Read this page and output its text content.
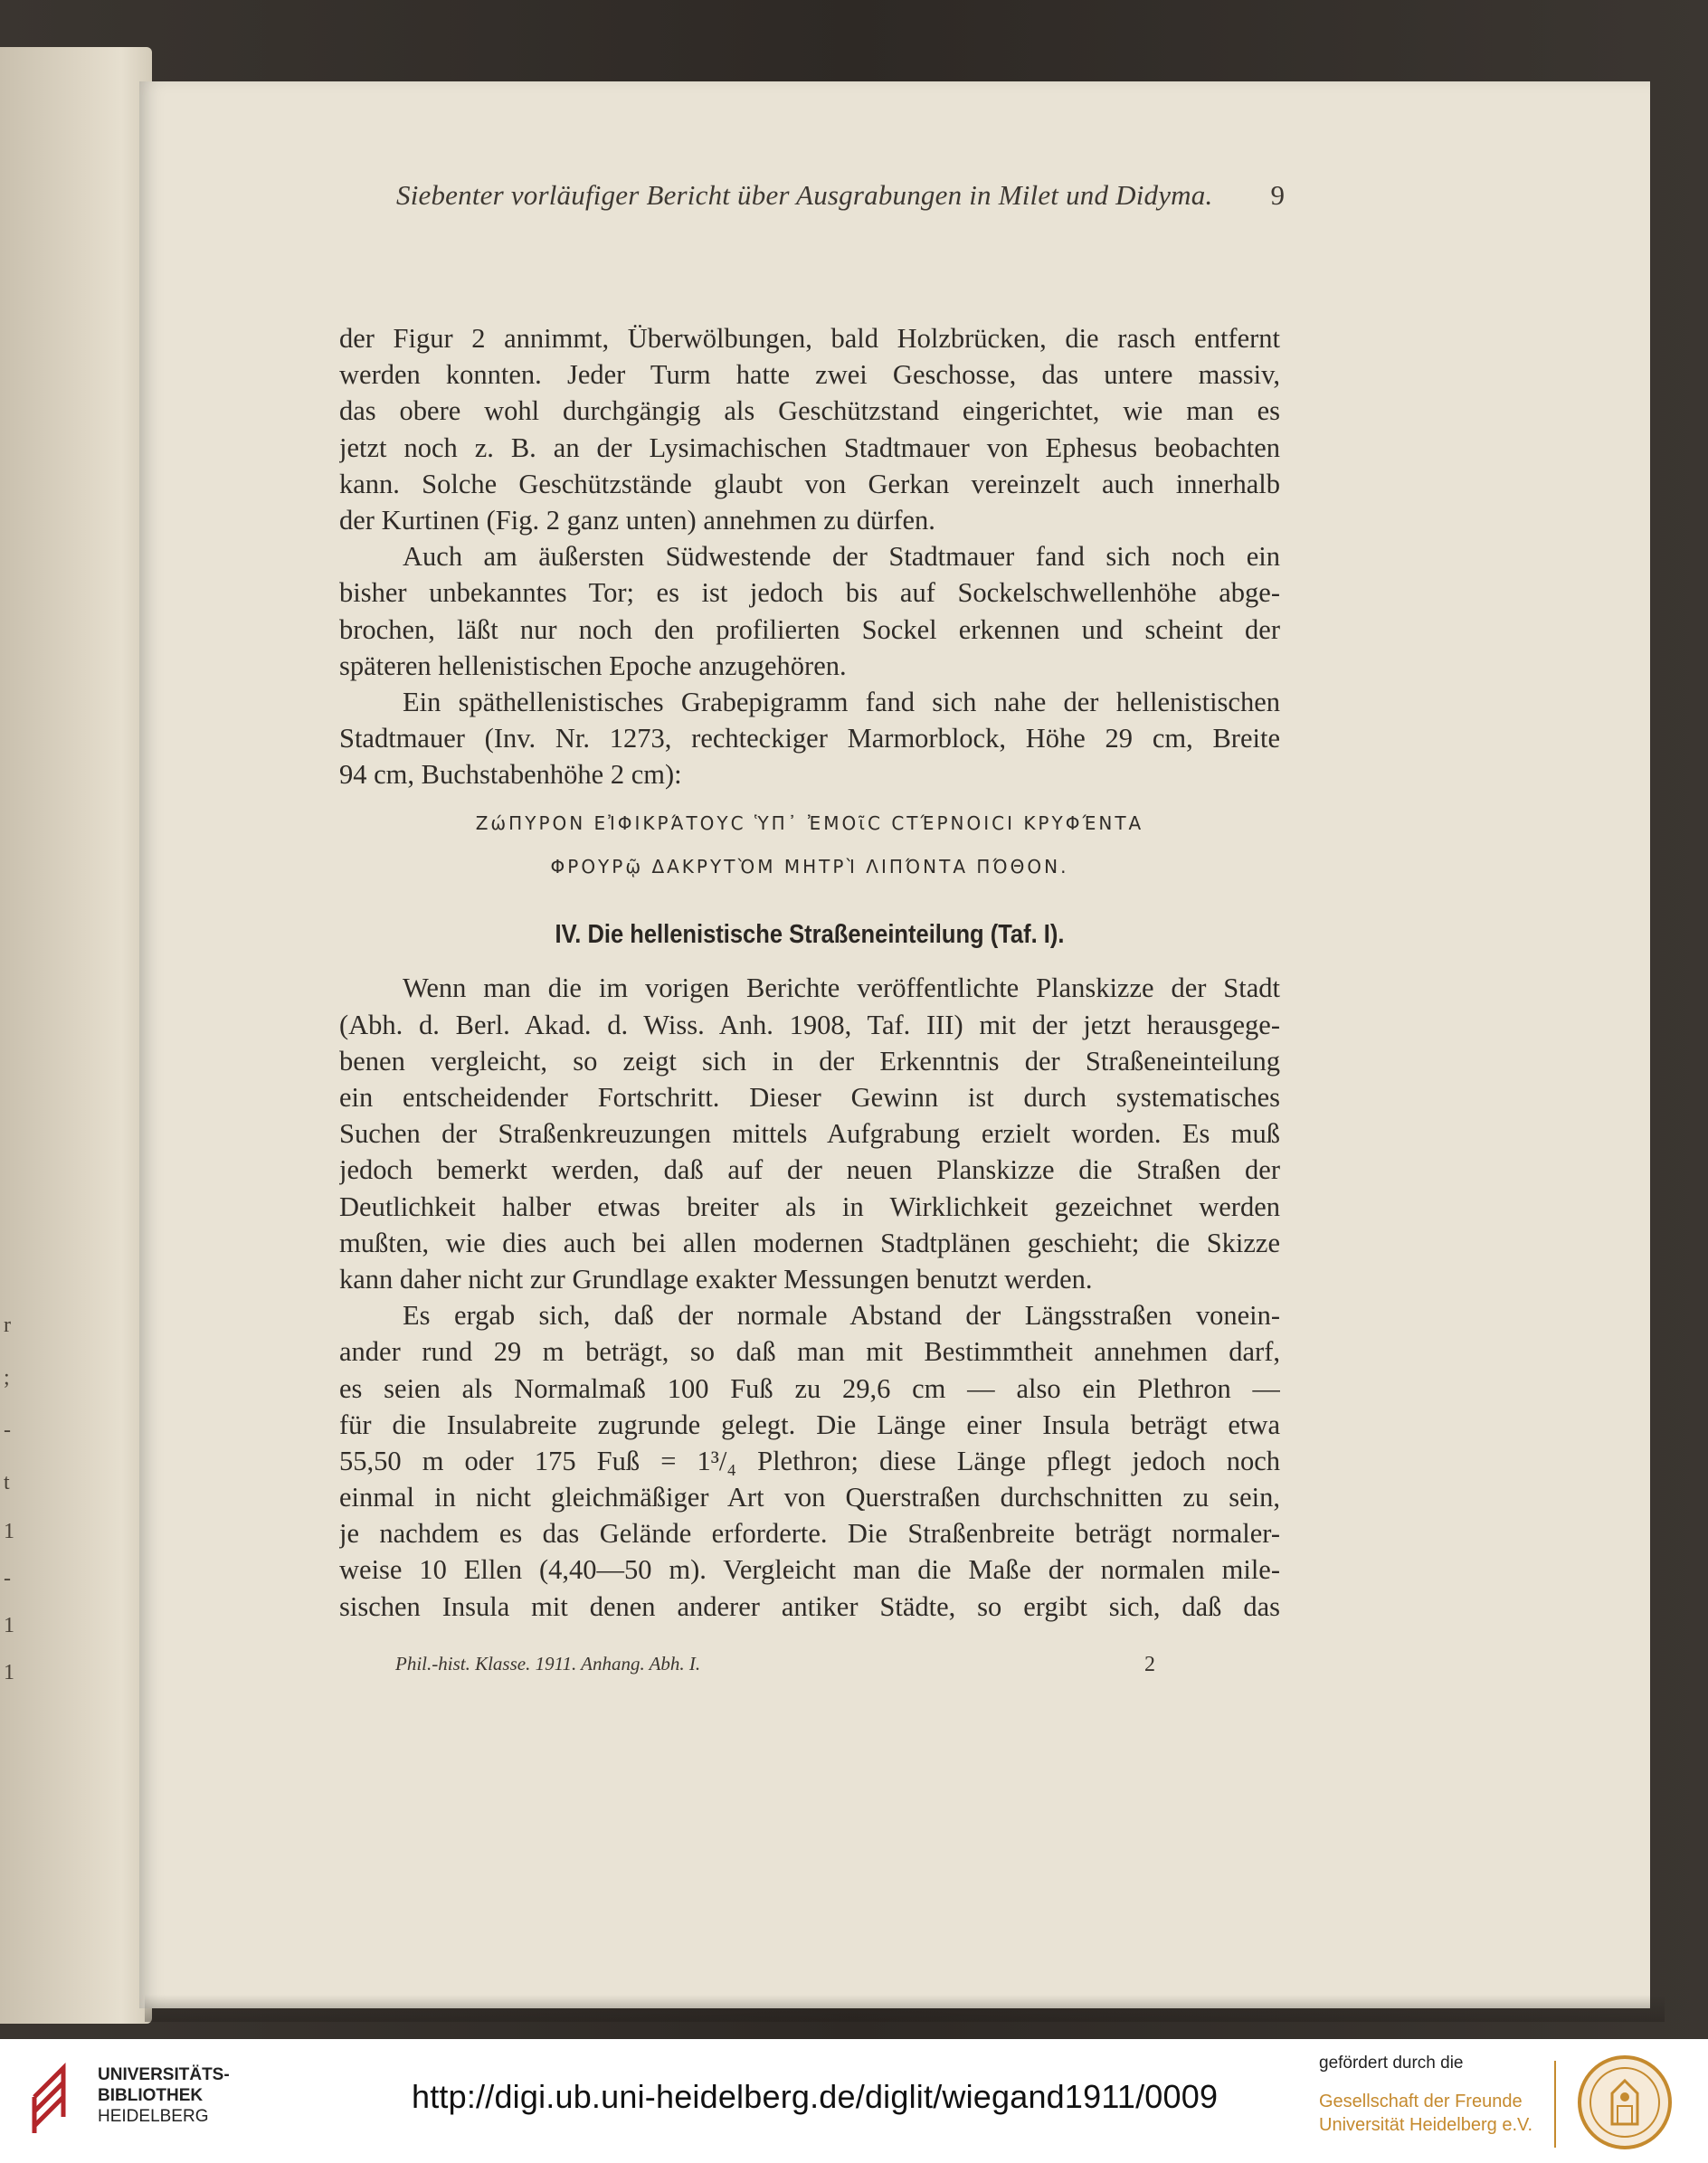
r
;
-
t
1
-
1
1
Siebenter vorläufiger Bericht über Ausgrabungen in Milet und Didyma. 9
der Figur 2 annimmt, Überwölbungen, bald Holzbrücken, die rasch entfernt
werden konnten. Jeder Turm hatte zwei Geschosse, das untere massiv,
das obere wohl durchgängig als Geschützstand eingerichtet, wie man es
jetzt noch z. B. an der Lysimachischen Stadtmauer von Ephesus beobachten
kann. Solche Geschützstände glaubt von Gerkan vereinzelt auch innerhalb
der Kurtinen (Fig. 2 ganz unten) annehmen zu dürfen.
Auch am äußersten Südwestende der Stadtmauer fand sich noch ein
bisher unbekanntes Tor; es ist jedoch bis auf Sockelschwellenhöhe abge-
brochen, läßt nur noch den profilierten Sockel erkennen und scheint der
späteren hellenistischen Epoche anzugehören.
Ein späthellenistisches Grabepigramm fand sich nahe der hellenistischen
Stadtmauer (Inv. Nr. 1273, rechteckiger Marmorblock, Höhe 29 cm, Breite
94 cm, Buchstabenhöhe 2 cm):
ΖώΠΥΡΟΝ ΕἸΦΙΚΡΆΤΟΥϹ ὙΠ᾿ ἘΜΟῖϹ ϹΤΈΡΝΟΙϹΙ ΚΡΥΦΈΝΤΑ
ΦΡΟΥΡῷ ΔΑΚΡΥΤῸΜ ΜΗΤΡῚ ΛΙΠΌΝΤΑ ΠΌΘΟΝ.
IV. Die hellenistische Straßeneinteilung (Taf. I).
Wenn man die im vorigen Berichte veröffentlichte Planskizze der Stadt
(Abh. d. Berl. Akad. d. Wiss. Anh. 1908, Taf. III) mit der jetzt herausgege-
benen vergleicht, so zeigt sich in der Erkenntnis der Straßeneinteilung
ein entscheidender Fortschritt. Dieser Gewinn ist durch systematisches
Suchen der Straßenkreuzungen mittels Aufgrabung erzielt worden. Es muß
jedoch bemerkt werden, daß auf der neuen Planskizze die Straßen der
Deutlichkeit halber etwas breiter als in Wirklichkeit gezeichnet werden
mußten, wie dies auch bei allen modernen Stadtplänen geschieht; die Skizze
kann daher nicht zur Grundlage exakter Messungen benutzt werden.
Es ergab sich, daß der normale Abstand der Längsstraßen vonein-
ander rund 29 m beträgt, so daß man mit Bestimmtheit annehmen darf,
es seien als Normalmaß 100 Fuß zu 29,6 cm — also ein Plethron —
für die Insulabreite zugrunde gelegt. Die Länge einer Insula beträgt etwa
55,50 m oder 175 Fuß = 1³/₄ Plethron; diese Länge pflegt jedoch noch
einmal in nicht gleichmäßiger Art von Querstraßen durchschnitten zu sein,
je nachdem es das Gelände erforderte. Die Straßenbreite beträgt normaler-
weise 10 Ellen (4,40—50 m). Vergleicht man die Maße der normalen mile-
sischen Insula mit denen anderer antiker Städte, so ergibt sich, daß das
Phil.-hist. Klasse. 1911. Anhang. Abh. I.	2
UNIVERSITÄTS-
BIBLIOTHEK
HEIDELBERG
http://digi.ub.uni-heidelberg.de/diglit/wiegand1911/0009
gefördert durch die
Gesellschaft der Freunde
Universität Heidelberg e.V.
